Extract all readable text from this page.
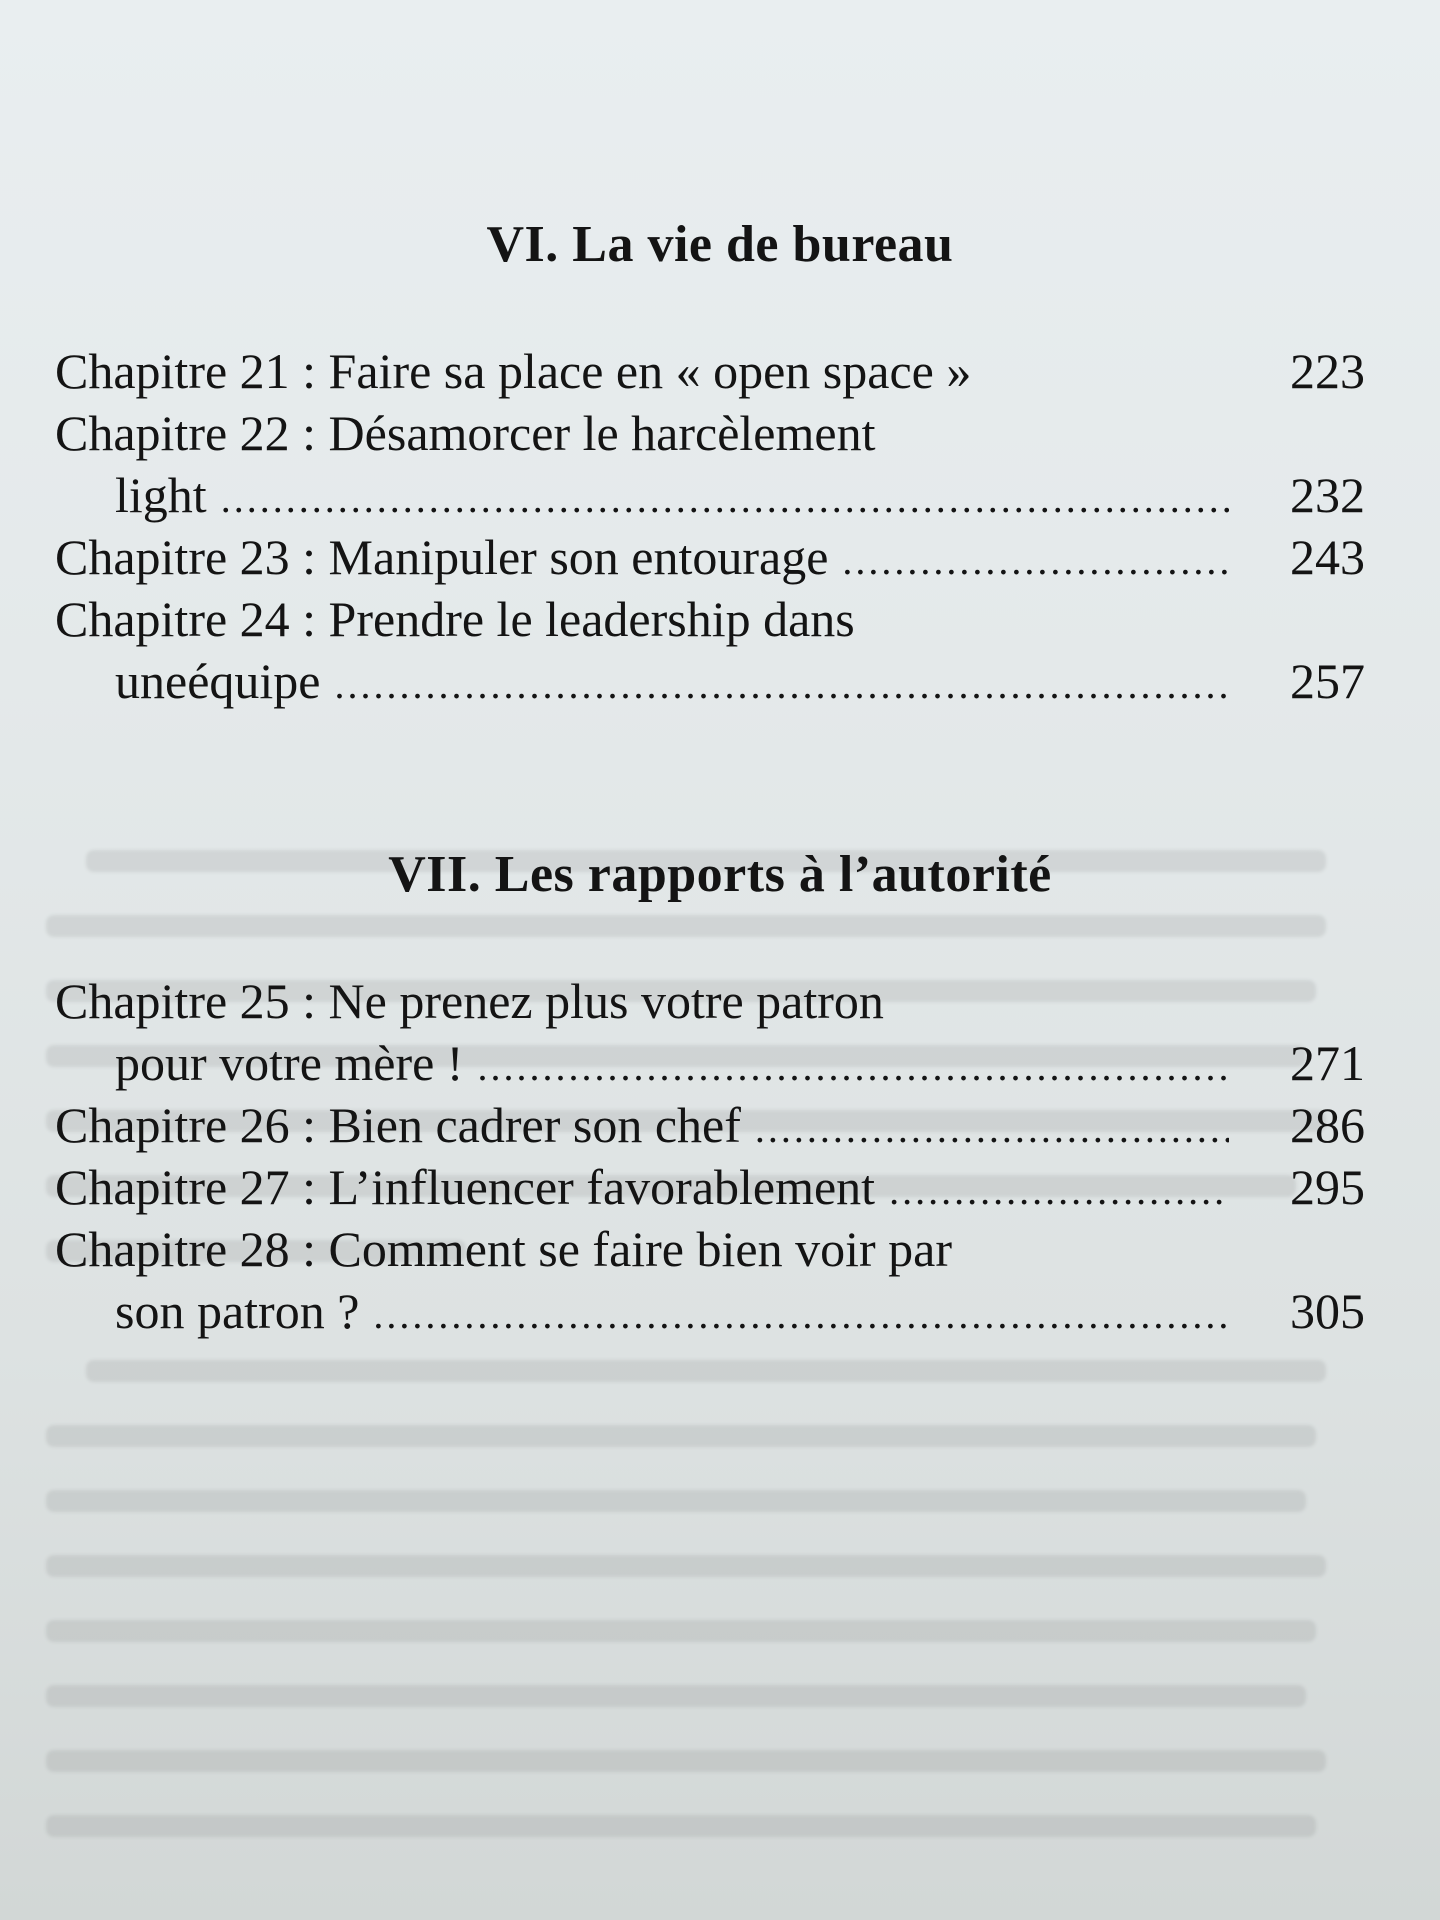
VI. La vie de bureau
Chapitre 21 : Faire sa place en « open space »	223
Chapitre 22 : Désamorcer le harcèlement
light .....	232
Chapitre 23 : Manipuler son entourage .....	243
Chapitre 24 : Prendre le leadership dans
uneéquipe .....	257
VII. Les rapports à l’autorité
Chapitre 25 : Ne prenez plus votre patron
pour votre mère ! .....	271
Chapitre 26 : Bien cadrer son chef .....	286
Chapitre 27 : L’influencer favorablement .....	295
Chapitre 28 : Comment se faire bien voir par
son patron ? .....	305
